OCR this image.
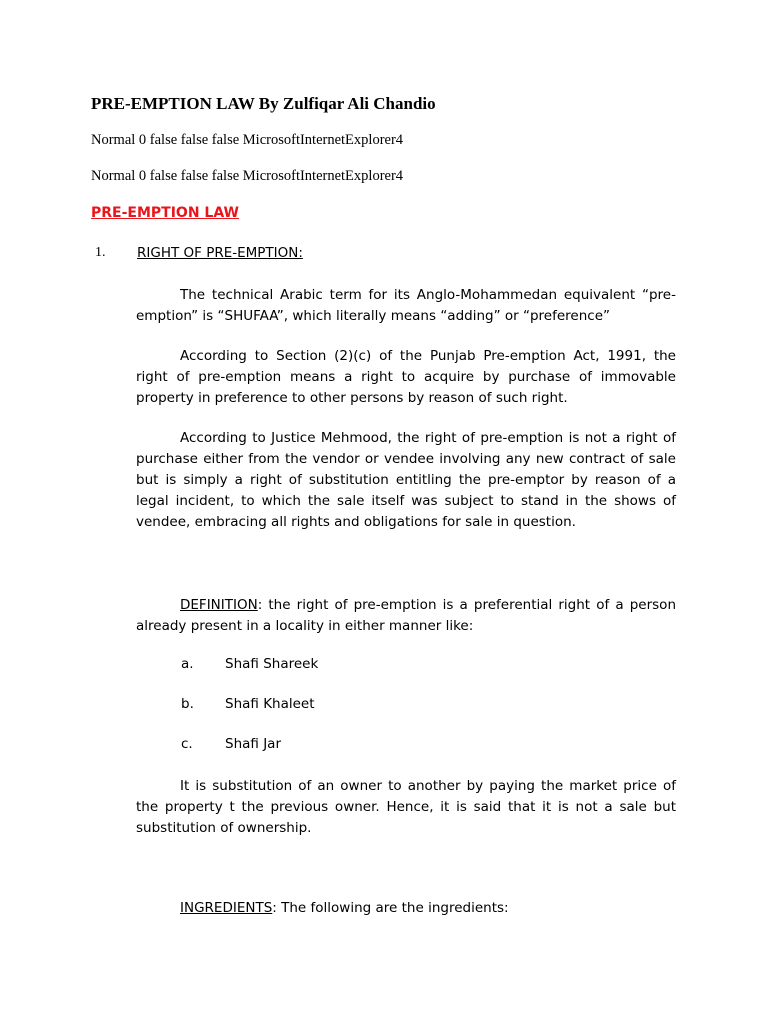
PRE-EMPTION LAW By Zulfiqar Ali Chandio
Normal 0 false false false MicrosoftInternetExplorer4
Normal 0 false false false MicrosoftInternetExplorer4
PRE-EMPTION LAW
1. RIGHT OF PRE-EMPTION:
The technical Arabic term for its Anglo-Mohammedan equivalent “pre-emption” is “SHUFAA”, which literally means “adding” or “preference”
According to Section (2)(c) of the Punjab Pre-emption Act, 1991, the right of pre-emption means a right to acquire by purchase of immovable property in preference to other persons by reason of such right.
According to Justice Mehmood, the right of pre-emption is not a right of purchase either from the vendor or vendee involving any new contract of sale but is simply a right of substitution entitling the pre-emptor by reason of a legal incident, to which the sale itself was subject to stand in the shows of vendee, embracing all rights and obligations for sale in question.
DEFINITION: the right of pre-emption is a preferential right of a person already present in a locality in either manner like:
a. Shafi Shareek
b. Shafi Khaleet
c. Shafi Jar
It is substitution of an owner to another by paying the market price of the property t the previous owner. Hence, it is said that it is not a sale but substitution of ownership.
INGREDIENTS: The following are the ingredients:
